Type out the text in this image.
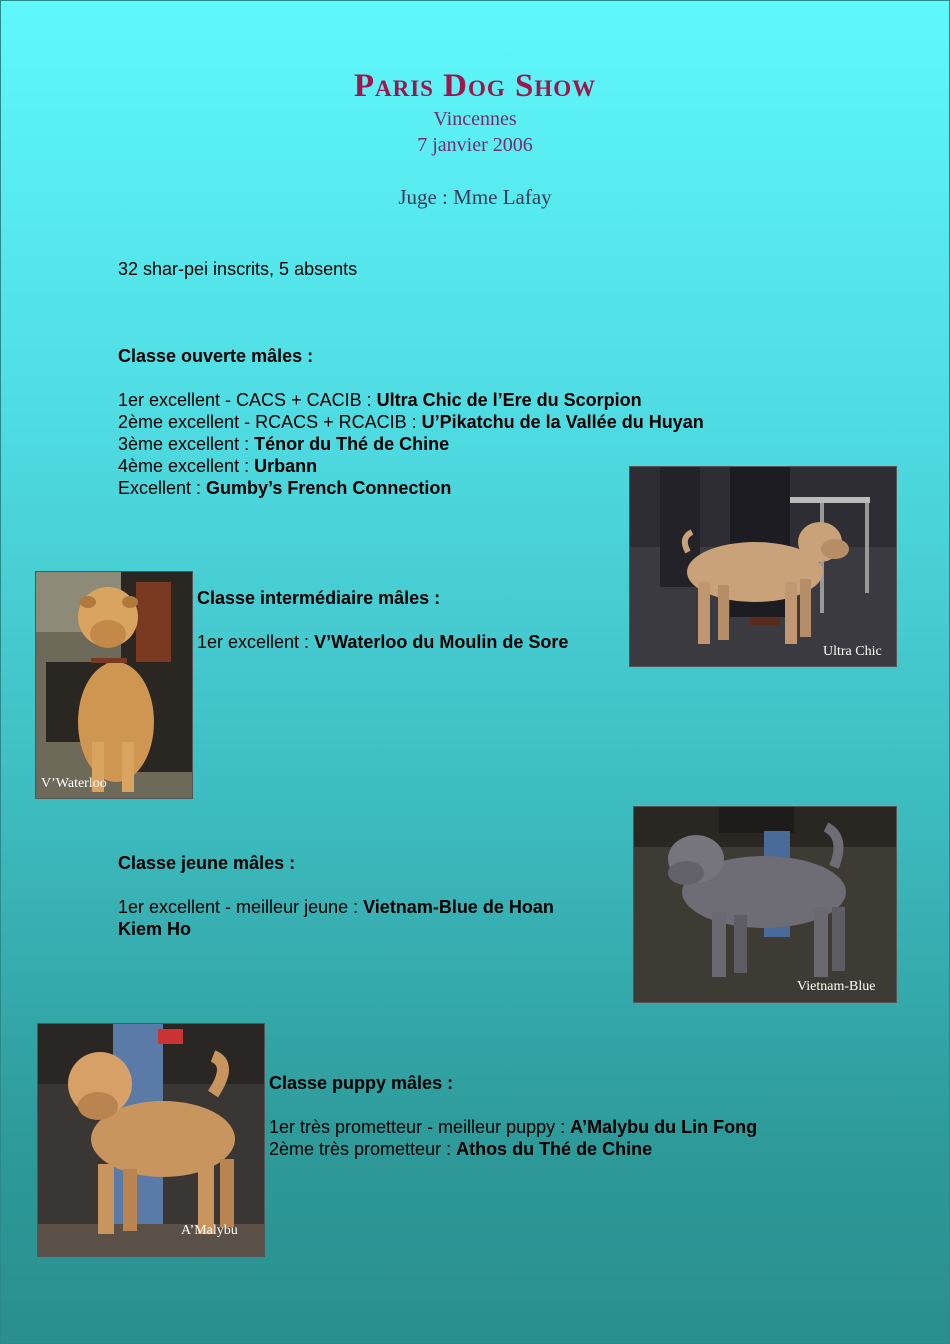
Paris Dog Show
Vincennes
7 janvier 2006
Juge : Mme Lafay
32 shar-pei inscrits, 5 absents
Classe ouverte mâles :
1er excellent - CACS + CACIB : Ultra Chic de l’Ere du Scorpion
2ème excellent - RCACS + RCACIB : U’Pikatchu de la Vallée du Huyan
3ème excellent : Ténor du Thé de Chine
4ème excellent : Urbann
Excellent : Gumby’s French Connection
Ultra Chic
V’Waterloo
Classe intermédiaire mâles :
1er excellent : V’Waterloo du Moulin de Sore
Vietnam-Blue
Classe jeune mâles :
1er excellent - meilleur jeune : Vietnam-Blue de Hoan
Kiem Ho
A’Malybu
Classe puppy mâles :
1er très prometteur - meilleur puppy : A’Malybu du Lin Fong
2ème très prometteur : Athos du Thé de Chine
